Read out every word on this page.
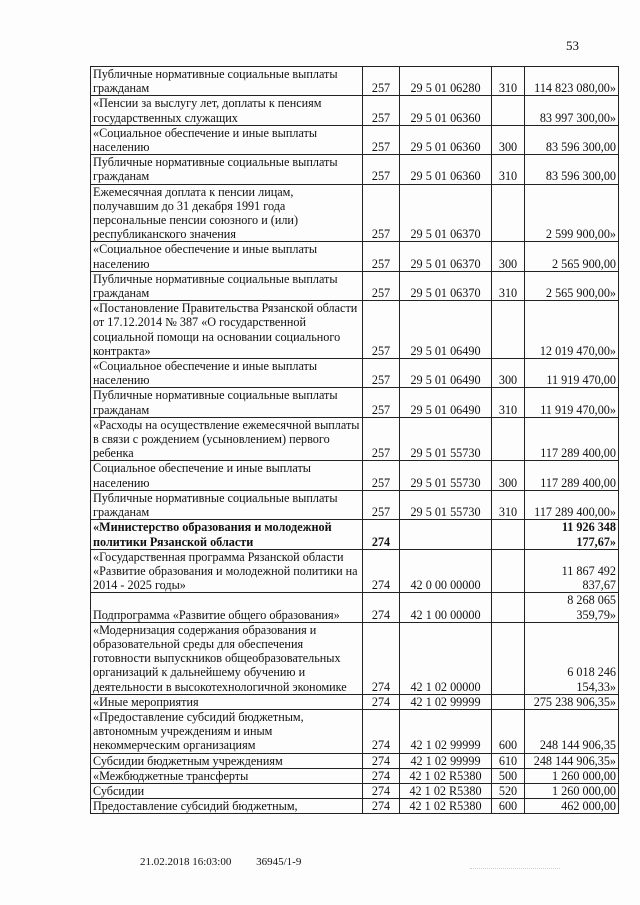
53
Публичные нормативные социальные выплаты гражданам	257	29 5 01 06280	310	114 823 080,00»
«Пенсии за выслугу лет, доплаты к пенсиям государственных служащих	257	29 5 01 06360		83 997 300,00»
«Социальное обеспечение и иные выплаты населению	257	29 5 01 06360	300	83 596 300,00
Публичные нормативные социальные выплаты гражданам	257	29 5 01 06360	310	83 596 300,00
Ежемесячная доплата к пенсии лицам, получавшим до 31 декабря 1991 года персональные пенсии союзного и (или) республиканского значения	257	29 5 01 06370		2 599 900,00»
«Социальное обеспечение и иные выплаты населению	257	29 5 01 06370	300	2 565 900,00
Публичные нормативные социальные выплаты гражданам	257	29 5 01 06370	310	2 565 900,00»
«Постановление Правительства Рязанской области от 17.12.2014 № 387 «О государственной социальной помощи на основании социального контракта»	257	29 5 01 06490		12 019 470,00»
«Социальное обеспечение и иные выплаты населению	257	29 5 01 06490	300	11 919 470,00
Публичные нормативные социальные выплаты гражданам	257	29 5 01 06490	310	11 919 470,00»
«Расходы на осуществление ежемесячной выплаты в связи с рождением (усыновлением) первого ребенка	257	29 5 01 55730		117 289 400,00
Социальное обеспечение и иные выплаты населению	257	29 5 01 55730	300	117 289 400,00
Публичные нормативные социальные выплаты гражданам	257	29 5 01 55730	310	117 289 400,00»
«Министерство образования и молодежной политики Рязанской области	274			11 926 348 177,67»
«Государственная программа Рязанской области «Развитие образования и молодежной политики на 2014 - 2025 годы»	274	42 0 00 00000		11 867 492 837,67
Подпрограмма «Развитие общего образования»	274	42 1 00 00000		8 268 065 359,79»
«Модернизация содержания образования и образовательной среды для обеспечения готовности выпускников общеобразовательных организаций к дальнейшему обучению и деятельности в высокотехнологичной экономике	274	42 1 02 00000		6 018 246 154,33»
«Иные мероприятия	274	42 1 02 99999		275 238 906,35»
«Предоставление субсидий бюджетным, автономным учреждениям и иным некоммерческим организациям	274	42 1 02 99999	600	248 144 906,35
Субсидии бюджетным учреждениям	274	42 1 02 99999	610	248 144 906,35»
«Межбюджетные трансферты	274	42 1 02 R5380	500	1 260 000,00
Субсидии	274	42 1 02 R5380	520	1 260 000,00
Предоставление субсидий бюджетным,	274	42 1 02 R5380	600	462 000,00
21.02.2018 16:03:00 36945/1-9
